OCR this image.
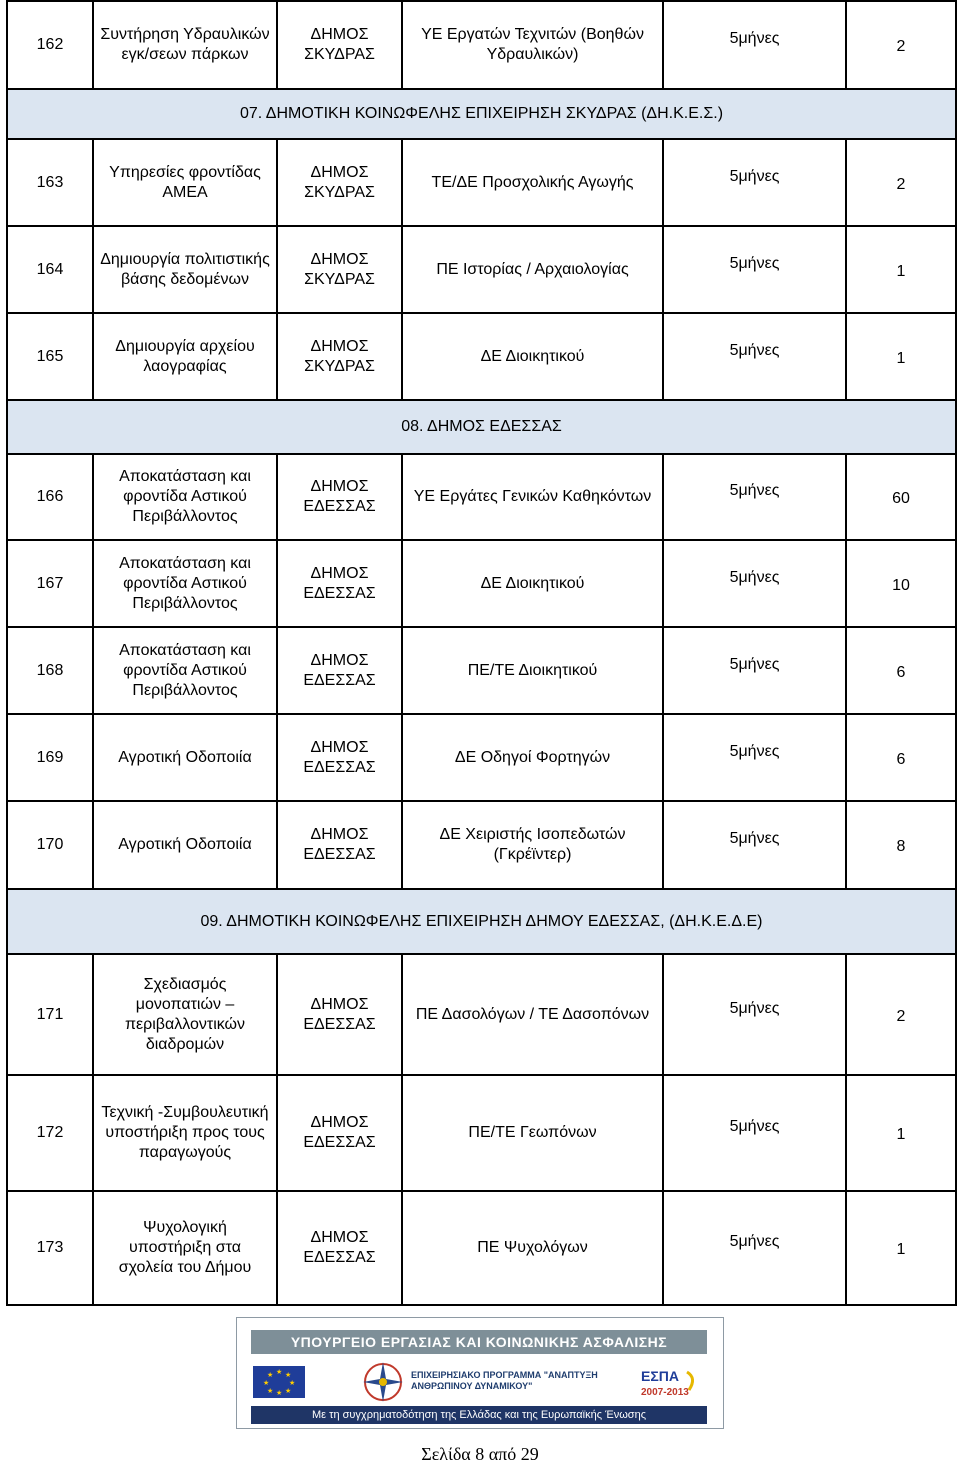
162	Συντήρηση Υδραυλικών εγκ/σεων πάρκων	ΔΗΜΟΣ ΣΚΥΔΡΑΣ	ΥΕ Εργατών Τεχνιτών (Βοηθών Υδραυλικών)	5μήνες	2
07. ΔΗΜΟΤΙΚΗ ΚΟΙΝΩΦΕΛΗΣ ΕΠΙΧΕΙΡΗΣΗ ΣΚΥΔΡΑΣ (ΔΗ.Κ.Ε.Σ.)					
163	Υπηρεσίες φροντίδας ΑΜΕΑ	ΔΗΜΟΣ ΣΚΥΔΡΑΣ	ΤΕ/ΔΕ Προσχολικής Αγωγής	5μήνες	2
164	Δημιουργία πολιτιστικής βάσης δεδομένων	ΔΗΜΟΣ ΣΚΥΔΡΑΣ	ΠΕ Ιστορίας / Αρχαιολογίας	5μήνες	1
165	Δημιουργία αρχείου λαογραφίας	ΔΗΜΟΣ ΣΚΥΔΡΑΣ	ΔΕ Διοικητικού	5μήνες	1
08. ΔΗΜΟΣ ΕΔΕΣΣΑΣ					
166	Αποκατάσταση και φροντίδα Αστικού Περιβάλλοντος	ΔΗΜΟΣ ΕΔΕΣΣΑΣ	ΥΕ Εργάτες Γενικών Καθηκόντων	5μήνες	60
167	Αποκατάσταση και φροντίδα Αστικού Περιβάλλοντος	ΔΗΜΟΣ ΕΔΕΣΣΑΣ	ΔΕ Διοικητικού	5μήνες	10
168	Αποκατάσταση και φροντίδα Αστικού Περιβάλλοντος	ΔΗΜΟΣ ΕΔΕΣΣΑΣ	ΠΕ/ΤΕ Διοικητικού	5μήνες	6
169	Αγροτική Οδοποιία	ΔΗΜΟΣ ΕΔΕΣΣΑΣ	ΔΕ Οδηγοί Φορτηγών	5μήνες	6
170	Αγροτική Οδοποιία	ΔΗΜΟΣ ΕΔΕΣΣΑΣ	ΔΕ Χειριστής Ισοπεδωτών (Γκρέϊντερ)	5μήνες	8
09. ΔΗΜΟΤΙΚΗ ΚΟΙΝΩΦΕΛΗΣ ΕΠΙΧΕΙΡΗΣΗ ΔΗΜΟΥ ΕΔΕΣΣΑΣ, (ΔΗ.Κ.Ε.Δ.Ε)					
171	Σχεδιασμός μονοπατιών – περιβαλλοντικών διαδρομών	ΔΗΜΟΣ ΕΔΕΣΣΑΣ	ΠΕ Δασολόγων / ΤΕ Δασοπόνων	5μήνες	2
172	Τεχνική -Συμβουλευτική υποστήριξη προς τους παραγωγούς	ΔΗΜΟΣ ΕΔΕΣΣΑΣ	ΠΕ/ΤΕ Γεωπόνων	5μήνες	1
173	Ψυχολογική υποστήριξη στα σχολεία του Δήμου	ΔΗΜΟΣ ΕΔΕΣΣΑΣ	ΠΕ Ψυχολόγων	5μήνες	1
ΥΠΟΥΡΓΕΙΟ ΕΡΓΑΣΙΑΣ ΚΑΙ ΚΟΙΝΩΝΙΚΗΣ ΑΣΦΑΛΙΣΗΣ
★ ★
★
★
★
★
★
★	ΕΠΙΧΕΙΡΗΣΙΑΚΟ ΠΡΟΓΡΑΜΜΑ "ΑΝΑΠΤΥΞΗ ΑΝΘΡΩΠΙΝΟΥ ΔΥΝΑΜΙΚΟΥ"
ΕΣΠΑ
2007-2013
Με τη συγχρηματοδότηση της Ελλάδας και της Ευρωπαϊκής Ένωσης
Σελίδα 8 από 29
